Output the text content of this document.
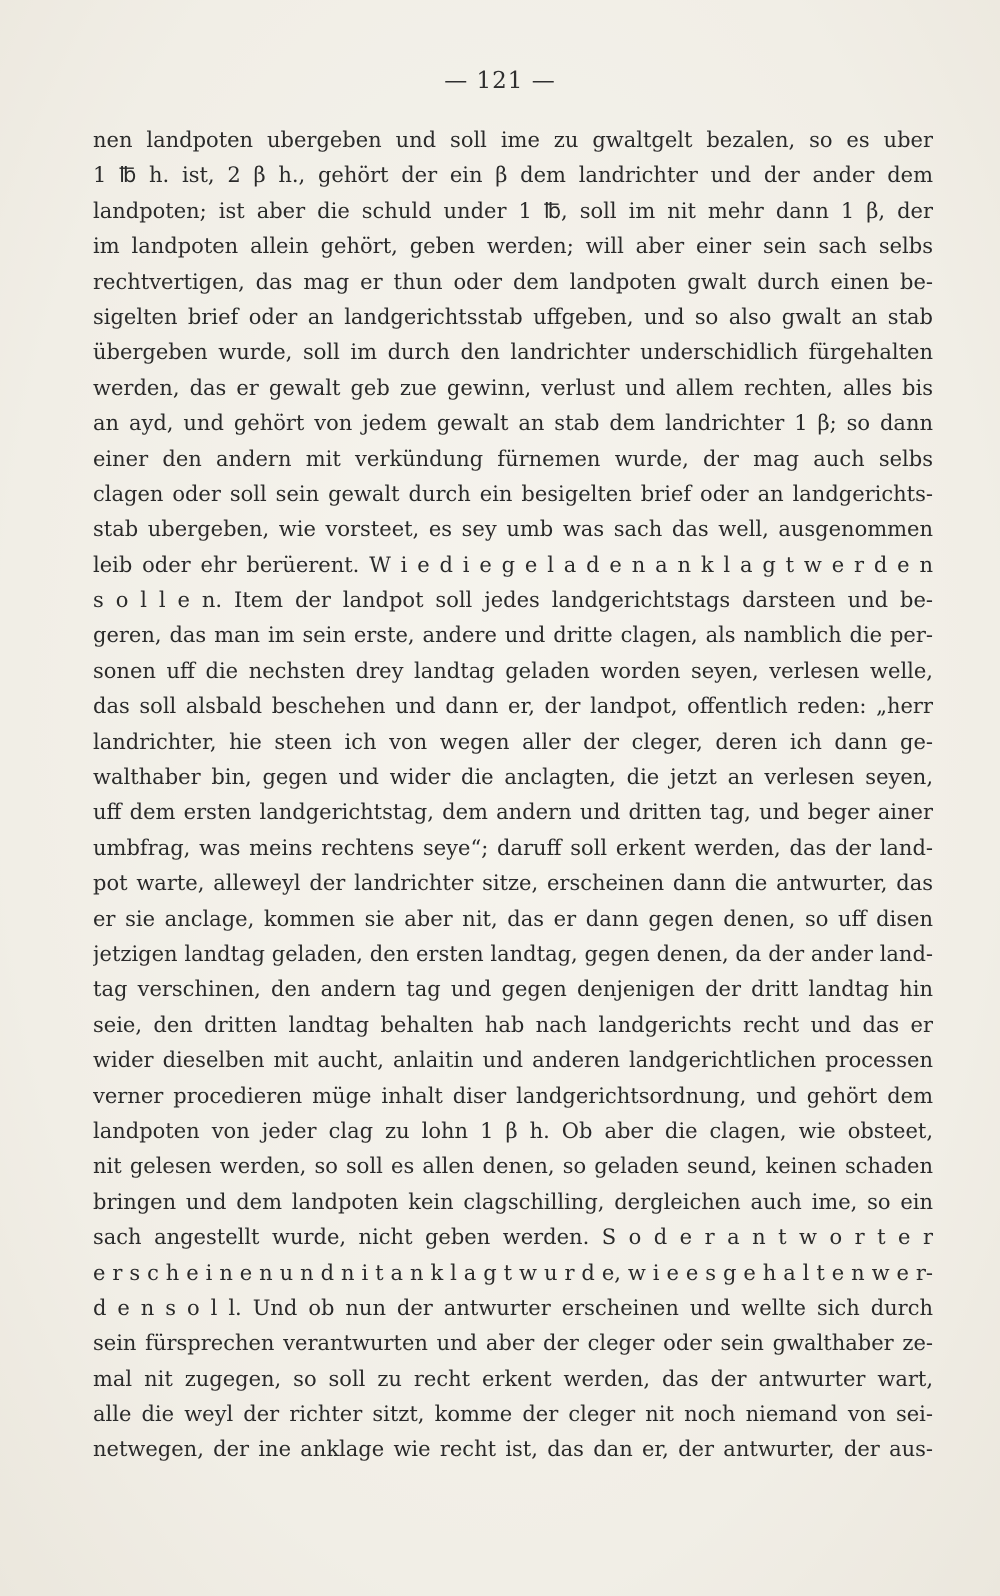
— 121 —
nen landpoten ubergeben und soll ime zu gwaltgelt bezalen, so es uber
1 ℔ h. ist, 2 β h., gehört der ein β dem landrichter und der ander dem
landpoten; ist aber die schuld under 1 ℔, soll im nit mehr dann 1 β, der
im landpoten allein gehört, geben werden; will aber einer sein sach selbs
rechtvertigen, das mag er thun oder dem landpoten gwalt durch einen be-
sigelten brief oder an landgerichtsstab uffgeben, und so also gwalt an stab
übergeben wurde, soll im durch den landrichter underschidlich fürgehalten
werden, das er gewalt geb zue gewinn, verlust und allem rechten, alles bis
an ayd, und gehört von jedem gewalt an stab dem landrichter 1 β; so dann
einer den andern mit verkündung fürnemen wurde, der mag auch selbs
clagen oder soll sein gewalt durch ein besigelten brief oder an landgerichts-
stab ubergeben, wie vorsteet, es sey umb was sach das well, ausgenommen
leib oder ehr berüerent. W i e d i e g e l a d e n a n k l a g t w e r d e n
s o l l e n. Item der landpot soll jedes landgerichtstags darsteen und be-
geren, das man im sein erste, andere und dritte clagen, als namblich die per-
sonen uff die nechsten drey landtag geladen worden seyen, verlesen welle,
das soll alsbald beschehen und dann er, der landpot, offentlich reden: „herr
landrichter, hie steen ich von wegen aller der cleger, deren ich dann ge-
walthaber bin, gegen und wider die anclagten, die jetzt an verlesen seyen,
uff dem ersten landgerichtstag, dem andern und dritten tag, und beger ainer
umbfrag, was meins rechtens seye“; daruff soll erkent werden, das der land-
pot warte, alleweyl der landrichter sitze, erscheinen dann die antwurter, das
er sie anclage, kommen sie aber nit, das er dann gegen denen, so uff disen
jetzigen landtag geladen, den ersten landtag, gegen denen, da der ander land-
tag verschinen, den andern tag und gegen denjenigen der dritt landtag hin
seie, den dritten landtag behalten hab nach landgerichts recht und das er
wider dieselben mit aucht, anlaitin und anderen landgerichtlichen processen
verner procedieren müge inhalt diser landgerichtsordnung, und gehört dem
landpoten von jeder clag zu lohn 1 β h. Ob aber die clagen, wie obsteet,
nit gelesen werden, so soll es allen denen, so geladen seund, keinen schaden
bringen und dem landpoten kein clagschilling, dergleichen auch ime, so ein
sach angestellt wurde, nicht geben werden. S o d e r a n t w o r t e r
e r s c h e i n e n u n d n i t a n k l a g t w u r d e, w i e e s g e h a l t e n w e r-
d e n s o l l. Und ob nun der antwurter erscheinen und wellte sich durch
sein fürsprechen verantwurten und aber der cleger oder sein gwalthaber ze-
mal nit zugegen, so soll zu recht erkent werden, das der antwurter wart,
alle die weyl der richter sitzt, komme der cleger nit noch niemand von sei-
netwegen, der ine anklage wie recht ist, das dan er, der antwurter, der aus-
